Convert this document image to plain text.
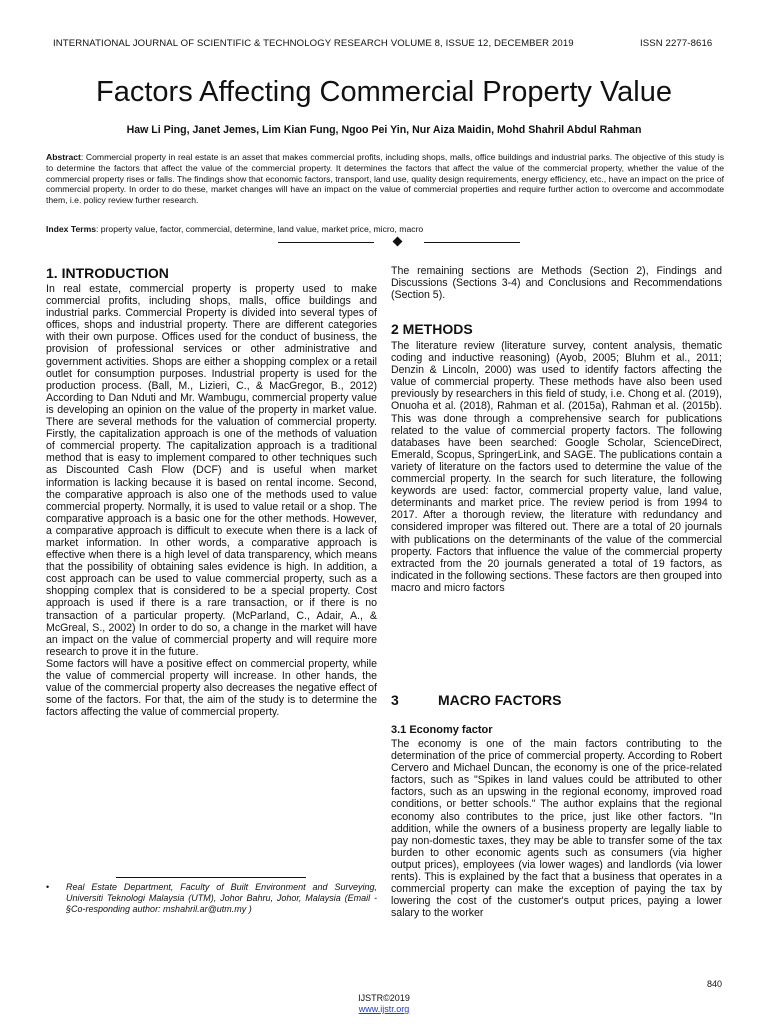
INTERNATIONAL JOURNAL OF SCIENTIFIC & TECHNOLOGY RESEARCH VOLUME 8, ISSUE 12, DECEMBER 2019	ISSN 2277-8616
Factors Affecting Commercial Property Value
Haw Li Ping, Janet Jemes, Lim Kian Fung, Ngoo Pei Yin, Nur Aiza Maidin, Mohd Shahril Abdul Rahman
Abstract: Commercial property in real estate is an asset that makes commercial profits, including shops, malls, office buildings and industrial parks. The objective of this study is to determine the factors that affect the value of the commercial property. It determines the factors that affect the value of the commercial property, whether the value of the commercial property rises or falls. The findings show that economic factors, transport, land use, quality design requirements, energy efficiency, etc., have an impact on the price of commercial property. In order to do these, market changes will have an impact on the value of commercial properties and require further action to overcome and accommodate them, i.e. policy review further research.
Index Terms: property value, factor, commercial, determine, land value, market price, micro, macro
1. INTRODUCTION

In real estate, commercial property is property used to make commercial profits, including shops, malls, office buildings and industrial parks. Commercial Property is divided into several types of offices, shops and industrial property. There are different categories with their own purpose. Offices used for the conduct of business, the provision of professional services or other administrative and government activities. Shops are either a shopping complex or a retail outlet for consumption purposes. Industrial property is used for the production process. (Ball, M., Lizieri, C., & MacGregor, B., 2012) According to Dan Nduti and Mr. Wambugu, commercial property value is developing an opinion on the value of the property in market value. There are several methods for the valuation of commercial property. Firstly, the capitalization approach is one of the methods of valuation of commercial property. The capitalization approach is a traditional method that is easy to implement compared to other techniques such as Discounted Cash Flow (DCF) and is useful when market information is lacking because it is based on rental income. Second, the comparative approach is also one of the methods used to value commercial property. Normally, it is used to value retail or a shop. The comparative approach is a basic one for the other methods. However, a comparative approach is difficult to execute when there is a lack of market information. In other words, a comparative approach is effective when there is a high level of data transparency, which means that the possibility of obtaining sales evidence is high. In addition, a cost approach can be used to value commercial property, such as a shopping complex that is considered to be a special property. Cost approach is used if there is a rare transaction, or if there is no transaction of a particular property. (McParland, C., Adair, A., & McGreal, S., 2002) In order to do so, a change in the market will have an impact on the value of commercial property and will require more research to prove it in the future.

Some factors will have a positive effect on commercial property, while the value of commercial property will increase. In other hands, the value of the commercial property also decreases the negative effect of some of the factors. For that, the aim of the study is to determine the factors affecting the value of commercial property.

• Real Estate Department, Faculty of Built Environment and Surveying, Universiti Teknologi Malaysia (UTM), Johor Bahru, Johor, Malaysia (Email - §Co-responding author: mshahril.ar@utm.my )

The remaining sections are Methods (Section 2), Findings and Discussions (Sections 3-4) and Conclusions and Recommendations (Section 5).

2 METHODS

The literature review (literature survey, content analysis, thematic coding and inductive reasoning) (Ayob, 2005; Bluhm et al., 2011; Denzin & Lincoln, 2000) was used to identify factors affecting the value of commercial property. These methods have also been used previously by researchers in this field of study, i.e. Chong et al. (2019), Onuoha et al. (2018), Rahman et al. (2015a), Rahman et al. (2015b). This was done through a comprehensive search for publications related to the value of commercial property factors. The following databases have been searched: Google Scholar, ScienceDirect, Emerald, Scopus, SpringerLink, and SAGE. The publications contain a variety of literature on the factors used to determine the value of the commercial property. In the search for such literature, the following keywords are used: factor, commercial property value, land value, determinants and market price. The review period is from 1994 to 2017. After a thorough review, the literature with redundancy and considered improper was filtered out. There are a total of 20 journals with publications on the determinants of the value of the commercial property. Factors that influence the value of the commercial property extracted from the 20 journals generated a total of 19 factors, as indicated in the following sections. These factors are then grouped into macro and micro factors

3	MACRO FACTORS
3.1 Economy factor

The economy is one of the main factors contributing to the determination of the price of commercial property. According to Robert Cervero and Michael Duncan, the economy is one of the price-related factors, such as "Spikes in land values could be attributed to other factors, such as an upswing in the regional economy, improved road conditions, or better schools." The author explains that the regional economy also contributes to the price, just like other factors. "In addition, while the owners of a business property are legally liable to pay non-domestic taxes, they may be able to transfer some of the tax burden to other economic agents such as consumers (via higher output prices), employees (via lower wages) and landlords (via lower rents). This is explained by the fact that a business that operates in a commercial property can make the exception of paying the tax by lowering the cost of the customer's output prices, paying a lower salary to the worker

840
IJSTR©2019
www.ijstr.org
